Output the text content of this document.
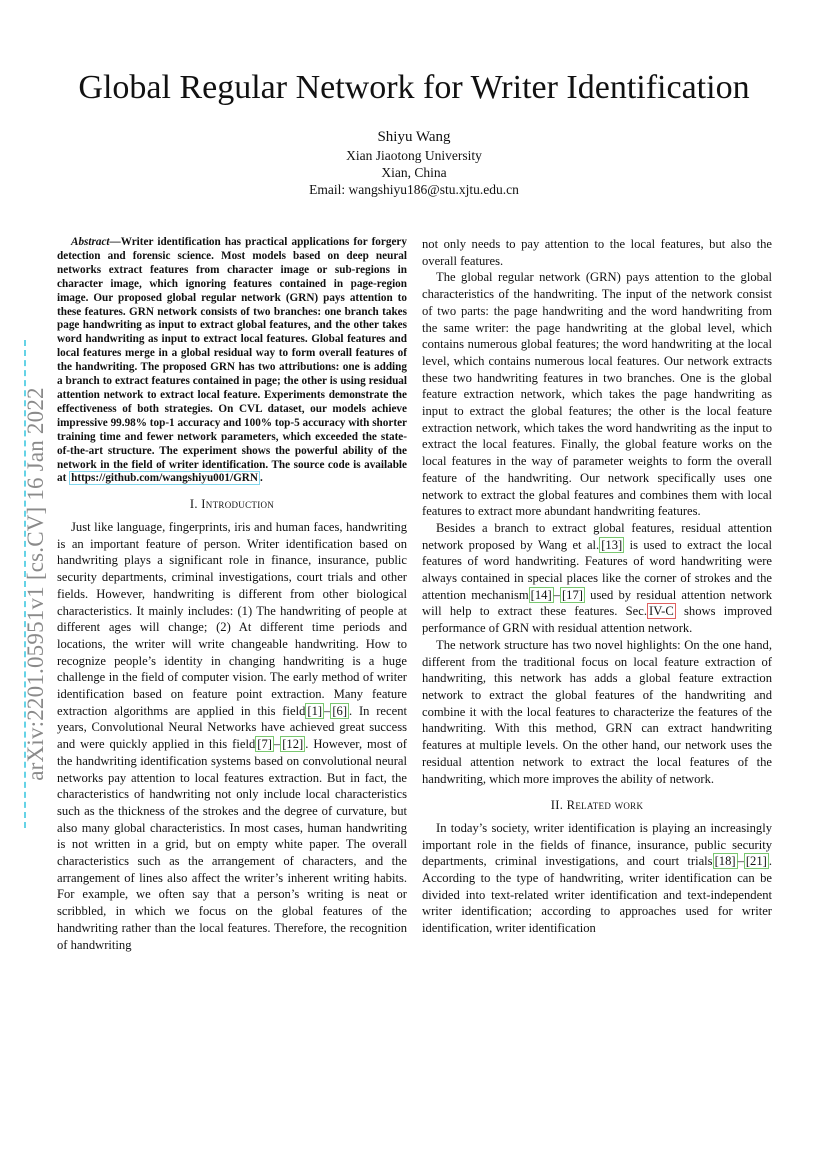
arXiv:2201.05951v1 [cs.CV] 16 Jan 2022
Global Regular Network for Writer Identification
Shiyu Wang
Xian Jiaotong University
Xian, China
Email: wangshiyu186@stu.xjtu.edu.cn

Abstract—Writer identification has practical applications for forgery detection and forensic science. Most models based on deep neural networks extract features from character image or sub-regions in character image, which ignoring features contained in page-region image. Our proposed global regular network (GRN) pays attention to these features. GRN network consists of two branches: one branch takes page handwriting as input to extract global features, and the other takes word handwriting as input to extract local features. Global features and local features merge in a global residual way to form overall features of the handwriting. The proposed GRN has two attributions: one is adding a branch to extract features contained in page; the other is using residual attention network to extract local feature. Experiments demonstrate the effectiveness of both strategies. On CVL dataset, our models achieve impressive 99.98% top-1 accuracy and 100% top-5 accuracy with shorter training time and fewer network parameters, which exceeded the state-of-the-art structure. The experiment shows the powerful ability of the network in the field of writer identification. The source code is available at https://github.com/wangshiyu001/GRN .

I. Introduction

Just like language, fingerprints, iris and human faces, handwriting is an important feature of person. Writer identification based on handwriting plays a significant role in finance, insurance, public security departments, criminal investigations, court trials and other fields. However, handwriting is different from other biological characteristics. It mainly includes: (1) The handwriting of people at different ages will change; (2) At different time periods and locations, the writer will write changeable handwriting. How to recognize people’s identity in changing handwriting is a huge challenge in the field of computer vision. The early method of writer identification based on feature point extraction. Many feature extraction algorithms are applied in this field [1] – [6] . In recent years, Convolutional Neural Networks have achieved great success and were quickly applied in this field [7] – [12] . However, most of the handwriting identification systems based on convolutional neural networks pay attention to local features extraction. But in fact, the characteristics of handwriting not only include local characteristics such as the thickness of the strokes and the degree of curvature, but also many global characteristics. In most cases, human handwriting is not written in a grid, but on empty white paper. The overall characteristics such as the arrangement of characters, and the arrangement of lines also affect the writer’s inherent writing habits. For example, we often say that a person’s writing is neat or scribbled, in which we focus on the global features of the handwriting rather than the local features. Therefore, the recognition of handwriting

not only needs to pay attention to the local features, but also the overall features.

The global regular network (GRN) pays attention to the global characteristics of the handwriting. The input of the network consist of two parts: the page handwriting and the word handwriting from the same writer: the page handwriting at the global level, which contains numerous global features; the word handwriting at the local level, which contains numerous local features. Our network extracts these two handwriting features in two branches. One is the global feature extraction network, which takes the page handwriting as input to extract the global features; the other is the local feature extraction network, which takes the word handwriting as the input to extract the local features. Finally, the global feature works on the local features in the way of parameter weights to form the overall feature of the handwriting. Our network specifically uses one network to extract the global features and combines them with local features to extract more abundant handwriting features.

Besides a branch to extract global features, residual attention network proposed by Wang et al. [13] is used to extract the local features of word handwriting. Features of word handwriting were always contained in special places like the corner of strokes and the attention mechanism [14] – [17] used by residual attention network will help to extract these features. Sec. IV-C shows improved performance of GRN with residual attention network.

The network structure has two novel highlights: On the one hand, different from the traditional focus on local feature extraction of handwriting, this network has adds a global feature extraction network to extract the global features of the handwriting and combine it with the local features to characterize the features of the handwriting. With this method, GRN can extract handwriting features at multiple levels. On the other hand, our network uses the residual attention network to extract the local features of the handwriting, which more improves the ability of network.

II. Related work

In today’s society, writer identification is playing an increasingly important role in the fields of finance, insurance, public security departments, criminal investigations, and court trials [18] – [21] . According to the type of handwriting, writer identification can be divided into text-related writer identification and text-independent writer identification; according to approaches used for writer identification, writer identification
